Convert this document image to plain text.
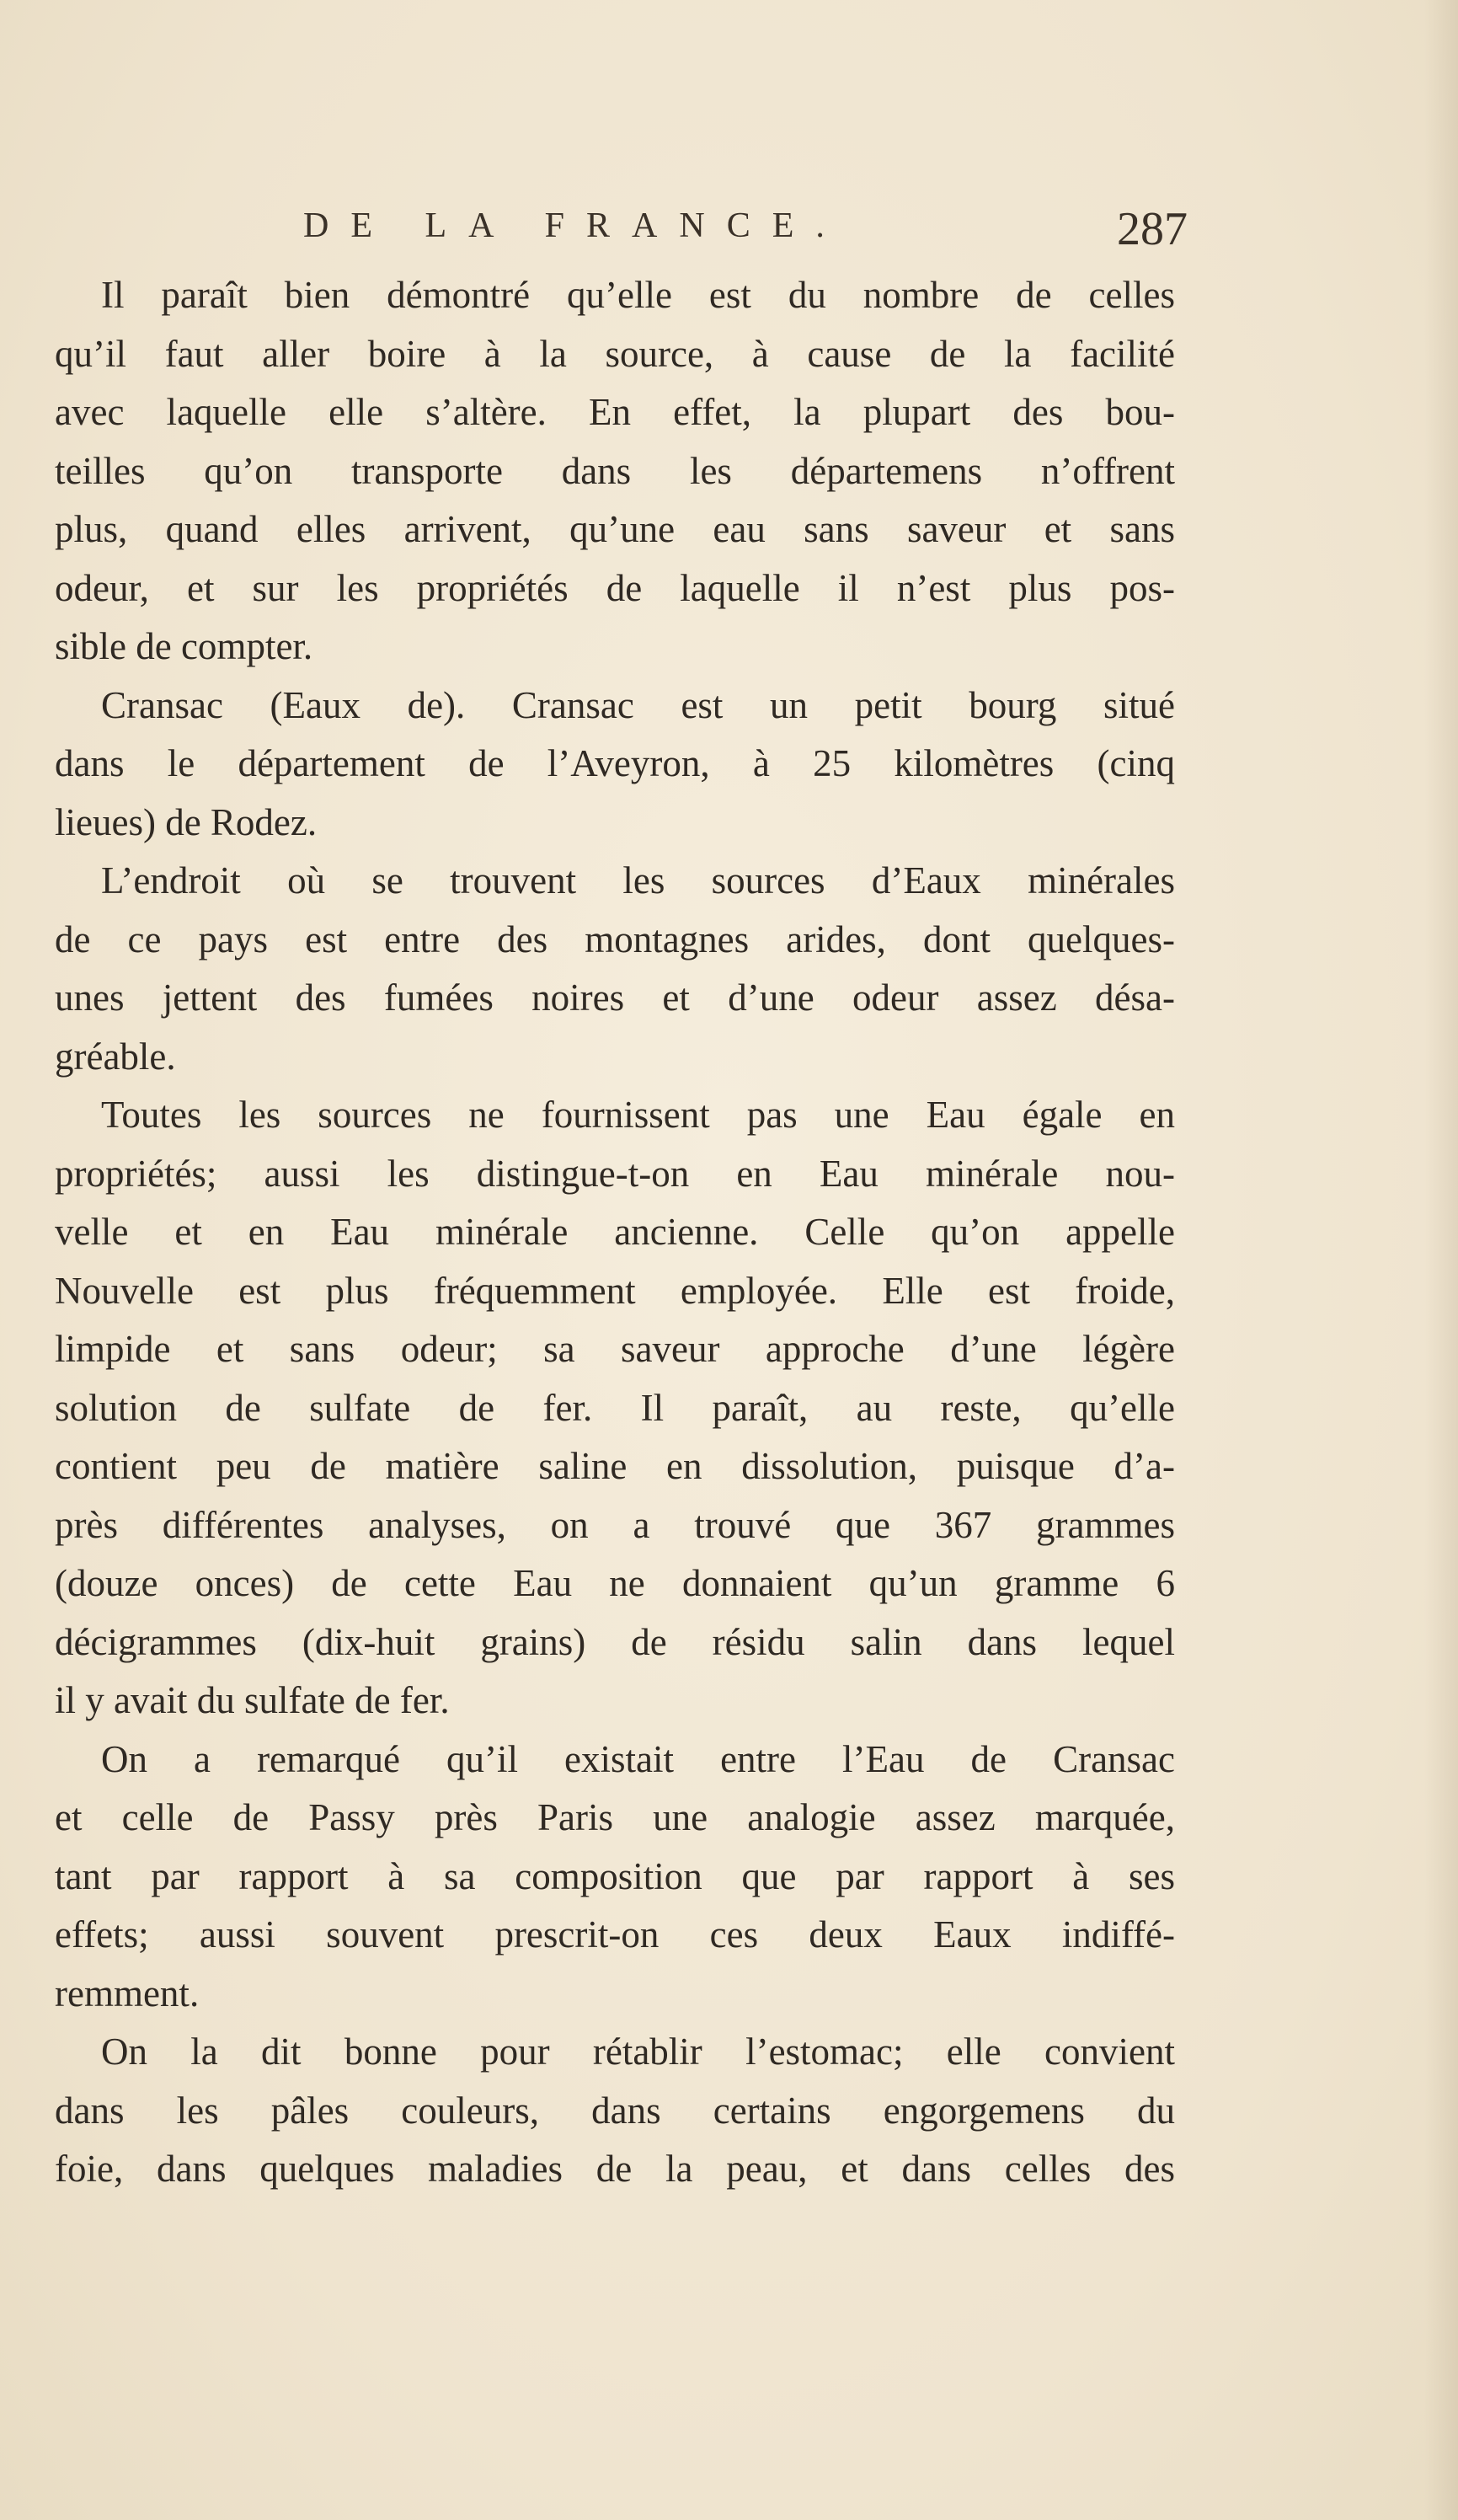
DE LA FRANCE.	287
Il paraît bien démontré qu’elle est du nombre de celles
qu’il faut aller boire à la source, à cause de la facilité
avec laquelle elle s’altère. En effet, la plupart des bou-
teilles qu’on transporte dans les départemens n’offrent
plus, quand elles arrivent, qu’une eau sans saveur et sans
odeur, et sur les propriétés de laquelle il n’est plus pos-
sible de compter.
Cransac (Eaux de). Cransac est un petit bourg situé
dans le département de l’Aveyron, à 25 kilomètres (cinq
lieues) de Rodez.
L’endroit où se trouvent les sources d’Eaux minérales
de ce pays est entre des montagnes arides, dont quelques-
unes jettent des fumées noires et d’une odeur assez désa-
gréable.
Toutes les sources ne fournissent pas une Eau égale en
propriétés; aussi les distingue-t-on en Eau minérale nou-
velle et en Eau minérale ancienne. Celle qu’on appelle
Nouvelle est plus fréquemment employée. Elle est froide,
limpide et sans odeur; sa saveur approche d’une légère
solution de sulfate de fer. Il paraît, au reste, qu’elle
contient peu de matière saline en dissolution, puisque d’a-
près différentes analyses, on a trouvé que 367 grammes
(douze onces) de cette Eau ne donnaient qu’un gramme 6
décigrammes (dix-huit grains) de résidu salin dans lequel
il y avait du sulfate de fer.
On a remarqué qu’il existait entre l’Eau de Cransac
et celle de Passy près Paris une analogie assez marquée,
tant par rapport à sa composition que par rapport à ses
effets; aussi souvent prescrit-on ces deux Eaux indiffé-
remment.
On la dit bonne pour rétablir l’estomac; elle convient
dans les pâles couleurs, dans certains engorgemens du
foie, dans quelques maladies de la peau, et dans celles des
